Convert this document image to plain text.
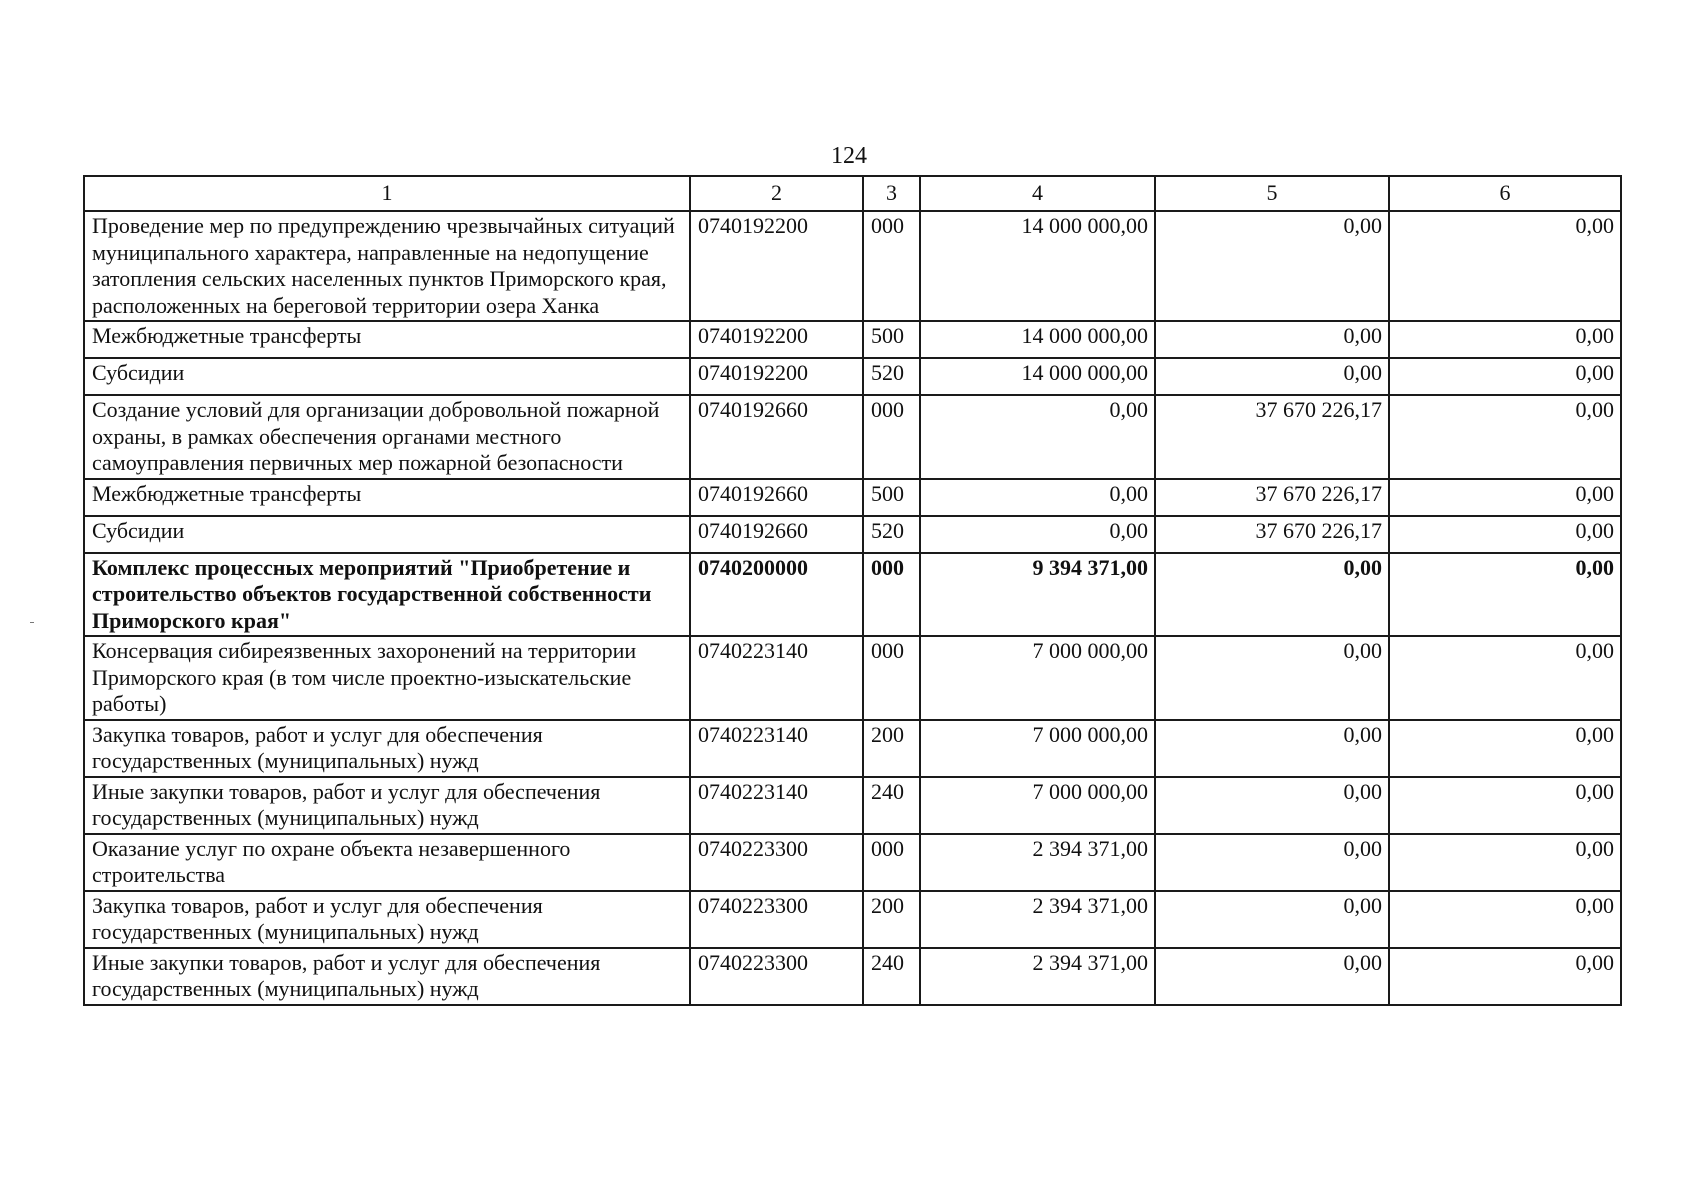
124
1	2	3	4	5	6
Проведение мер по предупреждению чрезвычайных ситуаций муниципального характера, направленные на недопущение затопления сельских населенных пунктов Приморского края, расположенных на береговой территории озера Ханка	0740192200	000	14 000 000,00	0,00	0,00
Межбюджетные трансферты	0740192200	500	14 000 000,00	0,00	0,00
Субсидии	0740192200	520	14 000 000,00	0,00	0,00
Создание условий для организации добровольной пожарной охраны, в рамках обеспечения органами местного самоуправления первичных мер пожарной безопасности	0740192660	000	0,00	37 670 226,17	0,00
Межбюджетные трансферты	0740192660	500	0,00	37 670 226,17	0,00
Субсидии	0740192660	520	0,00	37 670 226,17	0,00
Комплекс процессных мероприятий "Приобретение и строительство объектов государственной собственности Приморского края"	0740200000	000	9 394 371,00	0,00	0,00
Консервация сибиреязвенных захоронений на территории Приморского края (в том числе проектно-изыскательские работы)	0740223140	000	7 000 000,00	0,00	0,00
Закупка товаров, работ и услуг для обеспечения государственных (муниципальных) нужд	0740223140	200	7 000 000,00	0,00	0,00
Иные закупки товаров, работ и услуг для обеспечения государственных (муниципальных) нужд	0740223140	240	7 000 000,00	0,00	0,00
Оказание услуг по охране объекта незавершенного строительства	0740223300	000	2 394 371,00	0,00	0,00
Закупка товаров, работ и услуг для обеспечения государственных (муниципальных) нужд	0740223300	200	2 394 371,00	0,00	0,00
Иные закупки товаров, работ и услуг для обеспечения государственных (муниципальных) нужд	0740223300	240	2 394 371,00	0,00	0,00
